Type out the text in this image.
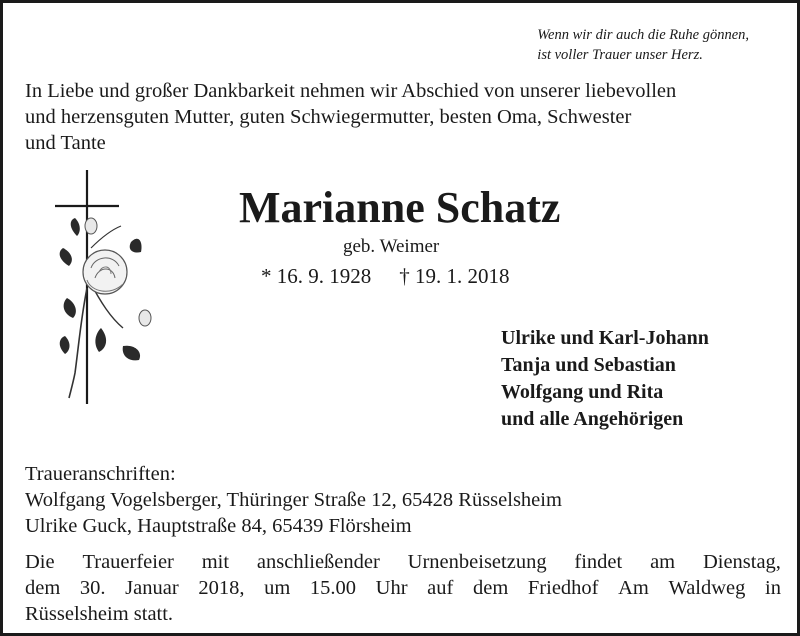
Wenn wir dir auch die Ruhe gönnen,
ist voller Trauer unser Herz.
In Liebe und großer Dankbarkeit nehmen wir Abschied von unserer liebevollen
und herzensguten Mutter, guten Schwiegermutter, besten Oma, Schwester
und Tante
Marianne Schatz
geb. Weimer
* 16. 9. 1928 † 19. 1. 2018
Ulrike und Karl-Johann
Tanja und Sebastian
Wolfgang und Rita
und alle Angehörigen
Traueranschriften:
Wolfgang Vogelsberger, Thüringer Straße 12, 65428 Rüsselsheim
Ulrike Guck, Hauptstraße 84, 65439 Flörsheim
Die Trauerfeier mit anschließender Urnenbeisetzung findet am Dienstag,
dem 30. Januar 2018, um 15.00 Uhr auf dem Friedhof Am Waldweg in
Rüsselsheim statt.
